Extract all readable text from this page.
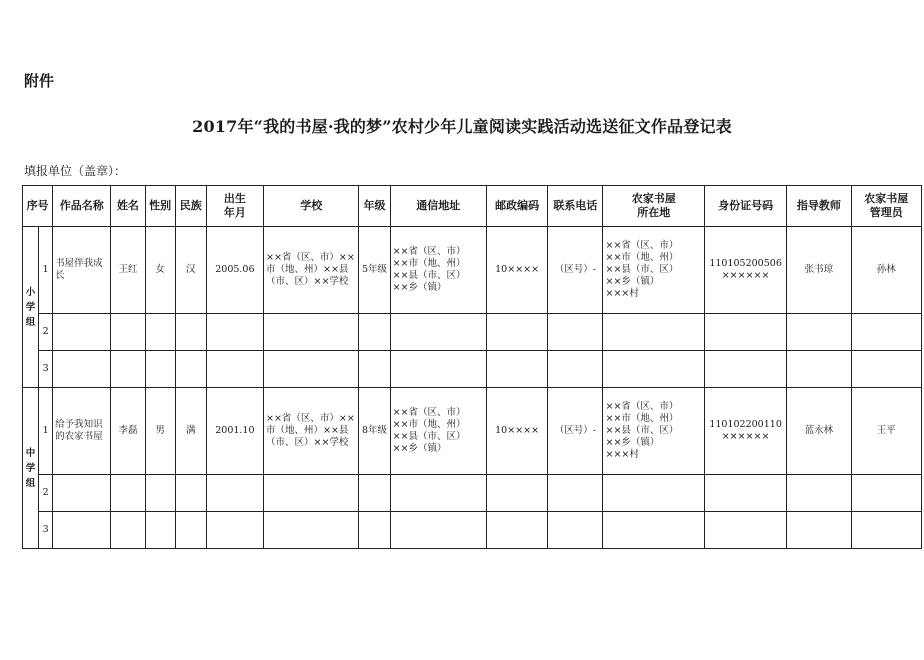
附件
2017年“我的书屋·我的梦”农村少年儿童阅读实践活动选送征文作品登记表
填报单位（盖章）：
序号		作品名称	姓名	性别	民族	出生
年月	学校	年级	通信地址	邮政编码	联系电话	农家书屋
所在地	身份证号码	指导教师	农家书屋
管理员
小学组	1	书屋伴我成长	王红	女	汉	2005.06	××省（区、市）××市（地、州）××县（市、区）××学校	5年级	××省（区、市）
××市（地、州）
××县（市、区）
××乡（镇）	10××××	（区号）-	××省（区、市）
××市（地、州）
××县（市、区）
××乡（镇）
×××村	110105200506
××××××	张书琼	孙林
	2														
	3														
中学组	1	给予我知识的农家书屋	李磊	男	满	2001.10	××省（区、市）××市（地、州）××县（市、区）××学校	8年级	××省（区、市）
××市（地、州）
××县（市、区）
××乡（镇）	10××××	（区号）-	××省（区、市）
××市（地、州）
××县（市、区）
××乡（镇）
×××村	110102200110
××××××	蓝永林	王平
	2														
	3														
